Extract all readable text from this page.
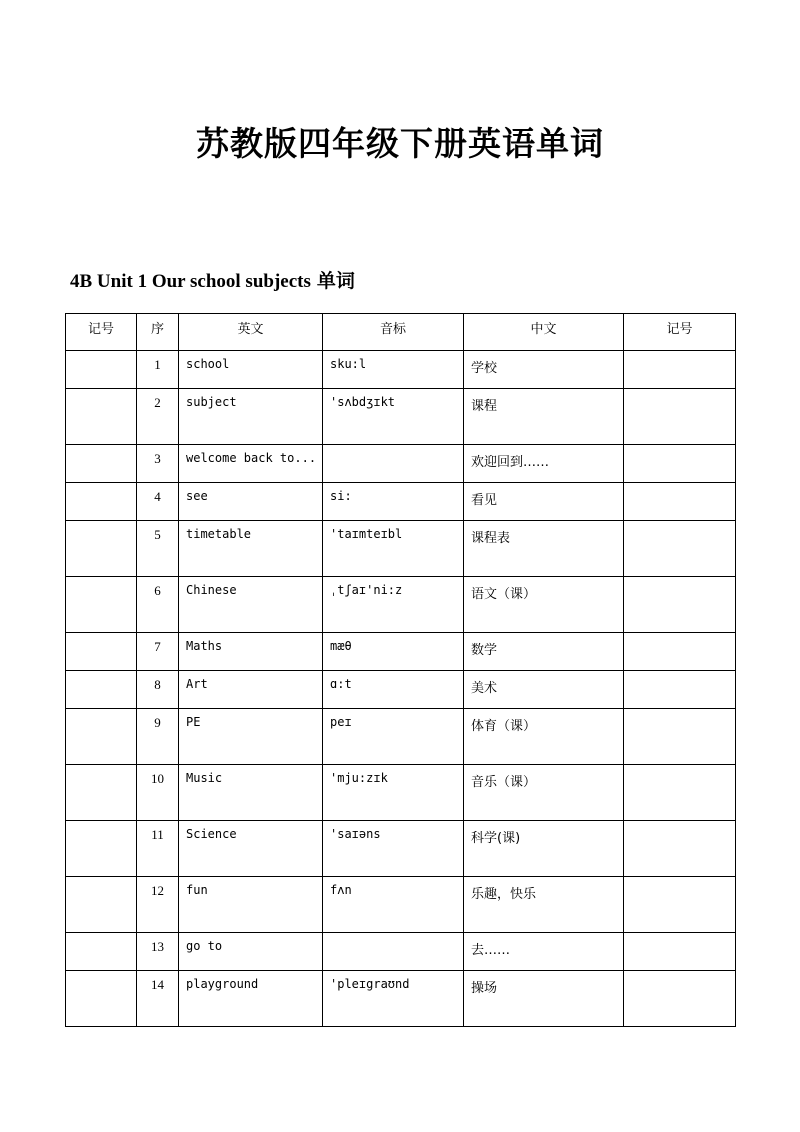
苏教版四年级下册英语单词
4B Unit 1 Our school subjects 单词
记号	序	英文	音标	中文	记号
	1	school	sku:l	学校	
	2	subject	'sʌbdʒɪkt	课程	
	3	welcome back to...		欢迎回到……	
	4	see	si:	看见	
	5	timetable	'taɪmteɪbl	课程表	
	6	Chinese	ˌtʃaɪ'ni:z	语文（课）	
	7	Maths	mæθ	数学	
	8	Art	ɑ:t	美术	
	9	PE	peɪ	体育（课）	
	10	Music	'mju:zɪk	音乐（课）	
	11	Science	'saɪəns	科学(课)	
	12	fun	fʌn	乐趣，快乐	
	13	go to		去……	
	14	playground	'pleɪgraʊnd	操场	
